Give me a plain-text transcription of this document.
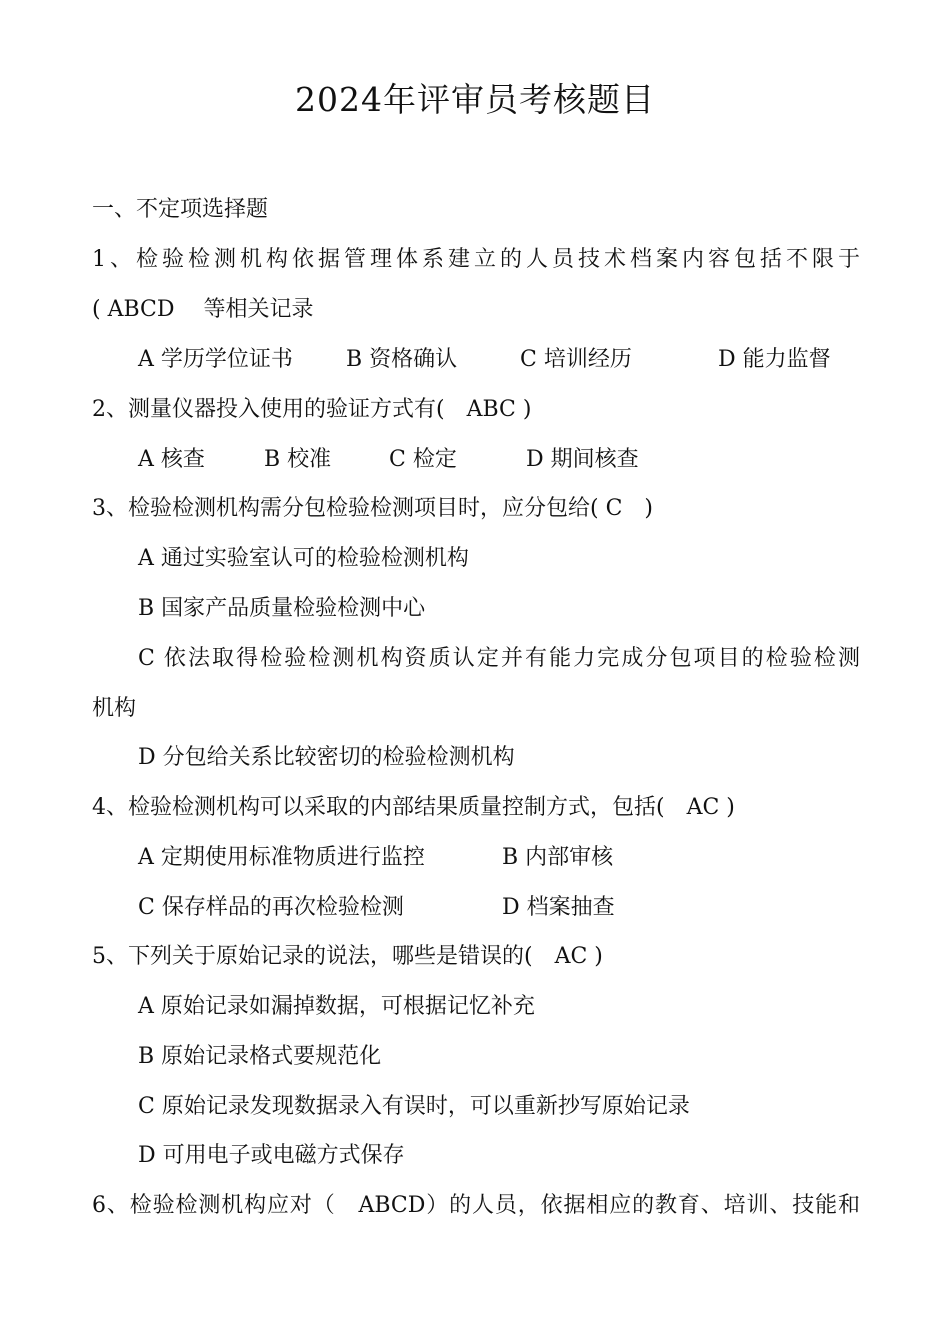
2024年评审员考核题目
一、不定项选择题
1、检验检测机构依据管理体系建立的人员技术档案内容包括不限于
( ABCD　 等相关记录
A 学历学位证书 B 资格确认	C 培训经历	D 能力监督
2、测量仪器投入使用的验证方式有(　ABC )
A 核查	B 校准	C 检定	D 期间核查
3、检验检测机构需分包检验检测项目时，应分包给( C　)
A 通过实验室认可的检验检测机构
B 国家产品质量检验检测中心
C 依法取得检验检测机构资质认定并有能力完成分包项目的检验检测
机构
D 分包给关系比较密切的检验检测机构
4、检验检测机构可以采取的内部结果质量控制方式，包括(　AC )
A 定期使用标准物质进行监控	B 内部审核
C 保存样品的再次检验检测	D 档案抽查
5、下列关于原始记录的说法，哪些是错误的(　AC )
A 原始记录如漏掉数据，可根据记忆补充
B 原始记录格式要规范化
C 原始记录发现数据录入有误时，可以重新抄写原始记录
D 可用电子或电磁方式保存
6、检验检测机构应对（　ABCD）的人员，依据相应的教育、培训、技能和
